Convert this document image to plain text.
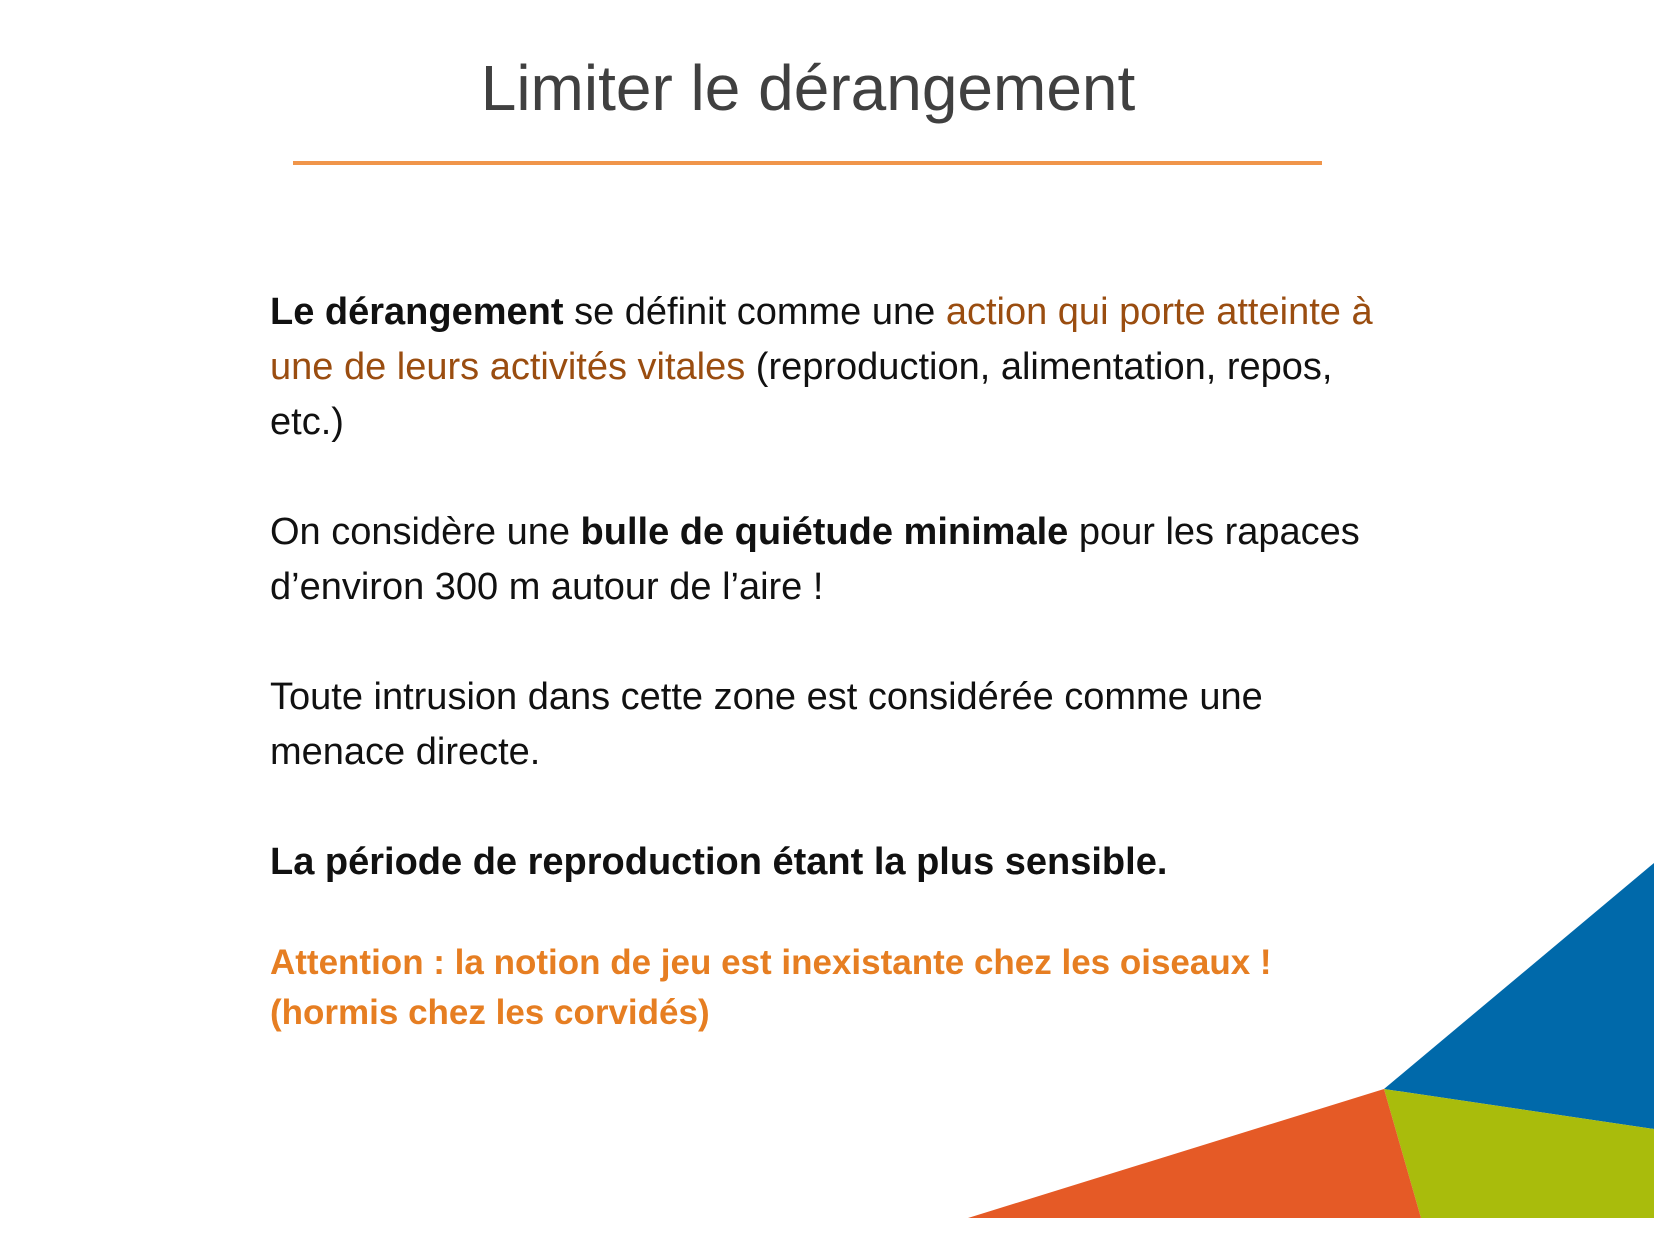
Limiter le dérangement

Le dérangement se définit comme une action qui porte atteinte à une de leurs activités vitales (reproduction, alimentation, repos, etc.)

On considère une bulle de quiétude minimale pour les rapaces d’environ 300 m autour de l’aire !

Toute intrusion dans cette zone est considérée comme une menace directe.

La période de reproduction étant la plus sensible.

Attention : la notion de jeu est inexistante chez les oiseaux !

(hormis chez les corvidés)
